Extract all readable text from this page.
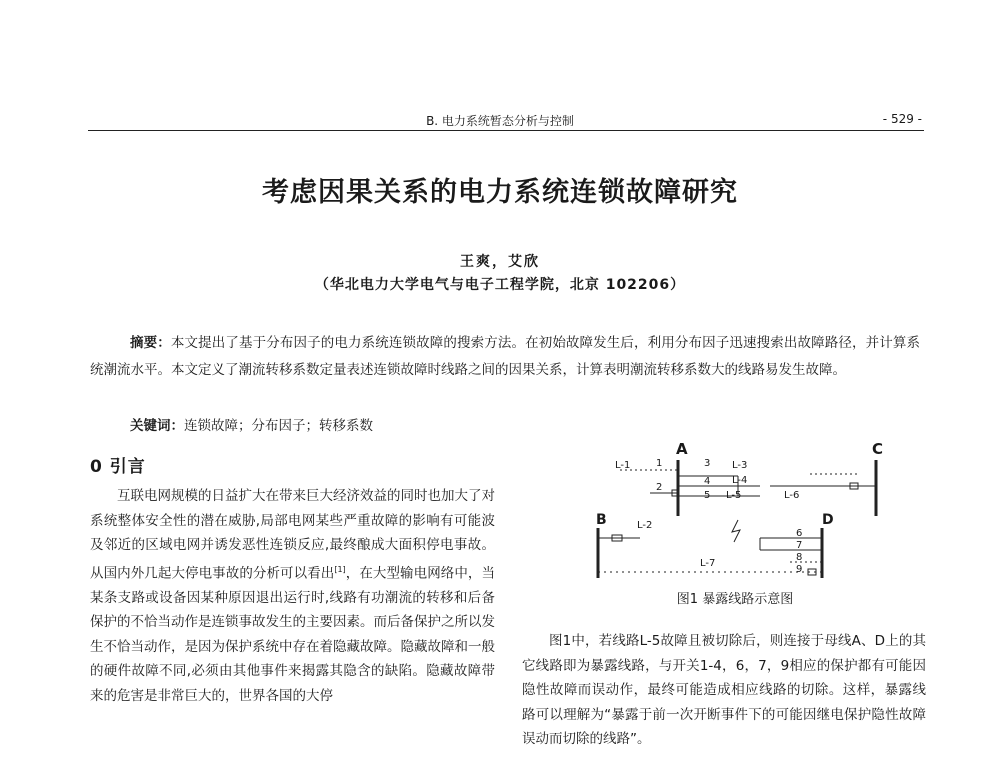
B. 电力系统暂态分析与控制	- 529 -
考虑因果关系的电力系统连锁故障研究
王爽，艾欣
（华北电力大学电气与电子工程学院，北京 102206）
摘要：本文提出了基于分布因子的电力系统连锁故障的搜索方法。在初始故障发生后，利用分布因子迅速搜索出故障路径，并计算系统潮流水平。本文定义了潮流转移系数定量表述连锁故障时线路之间的因果关系，计算表明潮流转移系数大的线路易发生故障。
关键词：连锁故障；分布因子；转移系数
0 引言
互联电网规模的日益扩大在带来巨大经济效益的同时也加大了对系统整体安全性的潜在威胁,局部电网某些严重故障的影响有可能波及邻近的区域电网并诱发恶性连锁反应,最终酿成大面积停电事故。从国内外几起大停电事故的分析可以看出[1]，在大型输电网络中，当某条支路或设备因某种原因退出运行时,线路有功潮流的转移和后备保护的不恰当动作是连锁事故发生的主要因素。而后备保护之所以发生不恰当动作，是因为保护系统中存在着隐藏故障。隐藏故障和一般的硬件故障不同,必须由其他事件来揭露其隐含的缺陷。隐藏故障带来的危害是非常巨大的，世界各国的大停
A
B
C
D
L-1
L-2
L-3
L-4
L-5	L-6
L-7
1
2
3
4
5
6
7
8
9
图1 暴露线路示意图
图1中，若线路L-5故障且被切除后，则连接于母线A、D上的其它线路即为暴露线路，与开关1-4，6，7，9相应的保护都有可能因隐性故障而误动作，最终可能造成相应线路的切除。这样，暴露线路可以理解为“暴露于前一次开断事件下的可能因继电保护隐性故障误动而切除的线路”。
